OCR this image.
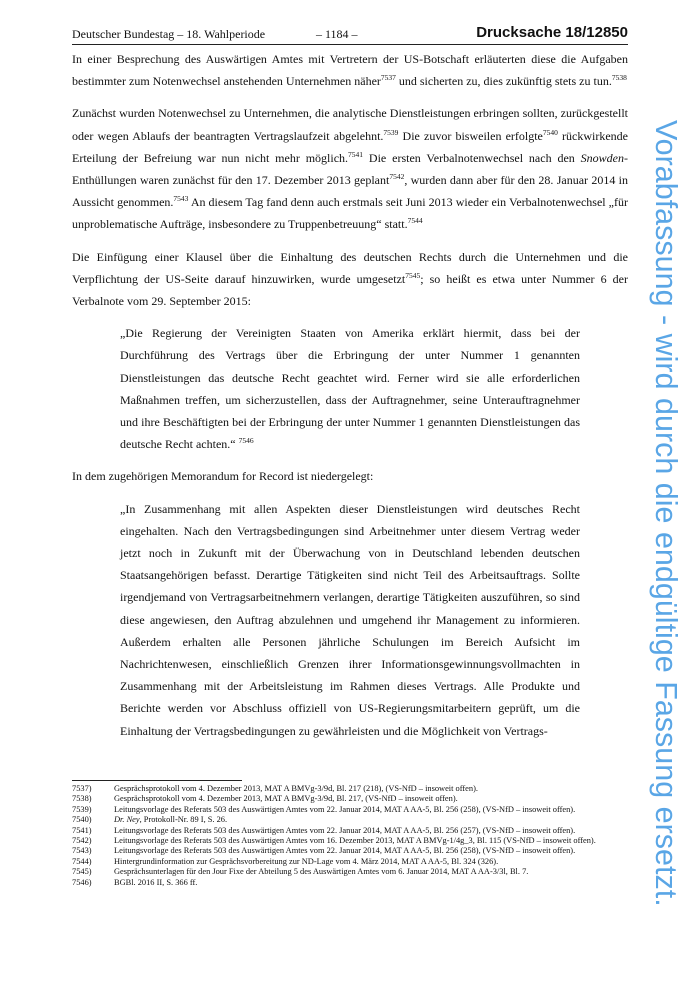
Deutscher Bundestag – 18. Wahlperiode	– 1184 –	Drucksache 18/12850

In einer Besprechung des Auswärtigen Amtes mit Vertretern der US-Botschaft erläuterten diese die Aufgaben bestimmter zum Notenwechsel anstehenden Unternehmen näher$^{7537}$ und sicherten zu, dies zukünftig stets zu tun.$^{7538}$

Zunächst wurden Notenwechsel zu Unternehmen, die analytische Dienstleistungen erbringen sollten, zurückgestellt oder wegen Ablaufs der beantragten Vertragslaufzeit abgelehnt.$^{7539}$ Die zuvor bisweilen erfolgte$^{7540}$ rückwirkende Erteilung der Befreiung war nun nicht mehr möglich.$^{7541}$ Die ersten Verbalnotenwechsel nach den Snowden-Enthüllungen waren zunächst für den 17. Dezember 2013 geplant$^{7542}$, wurden dann aber für den 28. Januar 2014 in Aussicht genommen.$^{7543}$ An diesem Tag fand denn auch erstmals seit Juni 2013 wieder ein Verbalnotenwechsel „für unproblematische Aufträge, insbesondere zu Truppenbetreuung“ statt.$^{7544}$

Die Einfügung einer Klausel über die Einhaltung des deutschen Rechts durch die Unternehmen und die Verpflichtung der US-Seite darauf hinzuwirken, wurde umgesetzt$^{7545}$; so heißt es etwa unter Nummer 6 der Verbalnote vom 29. September 2015:

„Die Regierung der Vereinigten Staaten von Amerika erklärt hiermit, dass bei der Durchführung des Vertrags über die Erbringung der unter Nummer 1 genannten Dienstleistungen das deutsche Recht geachtet wird. Ferner wird sie alle erforderlichen Maßnahmen treffen, um sicherzustellen, dass der Auftragnehmer, seine Unterauftragnehmer und ihre Beschäftigten bei der Erbringung der unter Nummer 1 genannten Dienstleistungen das deutsche Recht achten.“ $^{7546}$

In dem zugehörigen Memorandum for Record ist niedergelegt:

„In Zusammenhang mit allen Aspekten dieser Dienstleistungen wird deutsches Recht eingehalten. Nach den Vertragsbedingungen sind Arbeitnehmer unter diesem Vertrag weder jetzt noch in Zukunft mit der Überwachung von in Deutschland lebenden deutschen Staatsangehörigen befasst. Derartige Tätigkeiten sind nicht Teil des Arbeitsauftrags. Sollte irgendjemand von Vertragsarbeitnehmern verlangen, derartige Tätigkeiten auszuführen, so sind diese angewiesen, den Auftrag abzulehnen und umgehend ihr Management zu informieren. Außerdem erhalten alle Personen jährliche Schulungen im Bereich Aufsicht im Nachrichtenwesen, einschließlich Grenzen ihrer Informationsgewinnungsvollmachten in Zusammenhang mit der Arbeitsleistung im Rahmen dieses Vertrags. Alle Produkte und Berichte werden vor Abschluss offiziell von US-Regierungsmitarbeitern geprüft, um die Einhaltung der Vertragsbedingungen zu gewährleisten und die Möglichkeit von Vertrags-

7537)	Gesprächsprotokoll vom 4. Dezember 2013, MAT A BMVg-3/9d, Bl. 217 (218), (VS-NfD – insoweit offen).
7538)	Gesprächsprotokoll vom 4. Dezember 2013, MAT A BMVg-3/9d, Bl. 217, (VS-NfD – insoweit offen).
7539)	Leitungsvorlage des Referats 503 des Auswärtigen Amtes vom 22. Januar 2014, MAT A AA-5, Bl. 256 (258), (VS-NfD – insoweit offen).
7540)	Dr. Ney, Protokoll-Nr. 89 I, S. 26.
7541)	Leitungsvorlage des Referats 503 des Auswärtigen Amtes vom 22. Januar 2014, MAT A AA-5, Bl. 256 (257), (VS-NfD – insoweit offen).
7542)	Leitungsvorlage des Referats 503 des Auswärtigen Amtes vom 16. Dezember 2013, MAT A BMVg-1/4g_3, Bl. 115 (VS-NfD – insoweit offen).
7543)	Leitungsvorlage des Referats 503 des Auswärtigen Amtes vom 22. Januar 2014, MAT A AA-5, Bl. 256 (258), (VS-NfD – insoweit offen).
7544)	Hintergrundinformation zur Gesprächsvorbereitung zur ND-Lage vom 4. März 2014, MAT A AA-5, Bl. 324 (326).
7545)	Gesprächsunterlagen für den Jour Fixe der Abteilung 5 des Auswärtigen Amtes vom 6. Januar 2014, MAT A AA-3/3l, Bl. 7.
7546)	BGBl. 2016 II, S. 366 ff.	Vorabfassung - wird durch die endgültige Fassung ersetzt.
